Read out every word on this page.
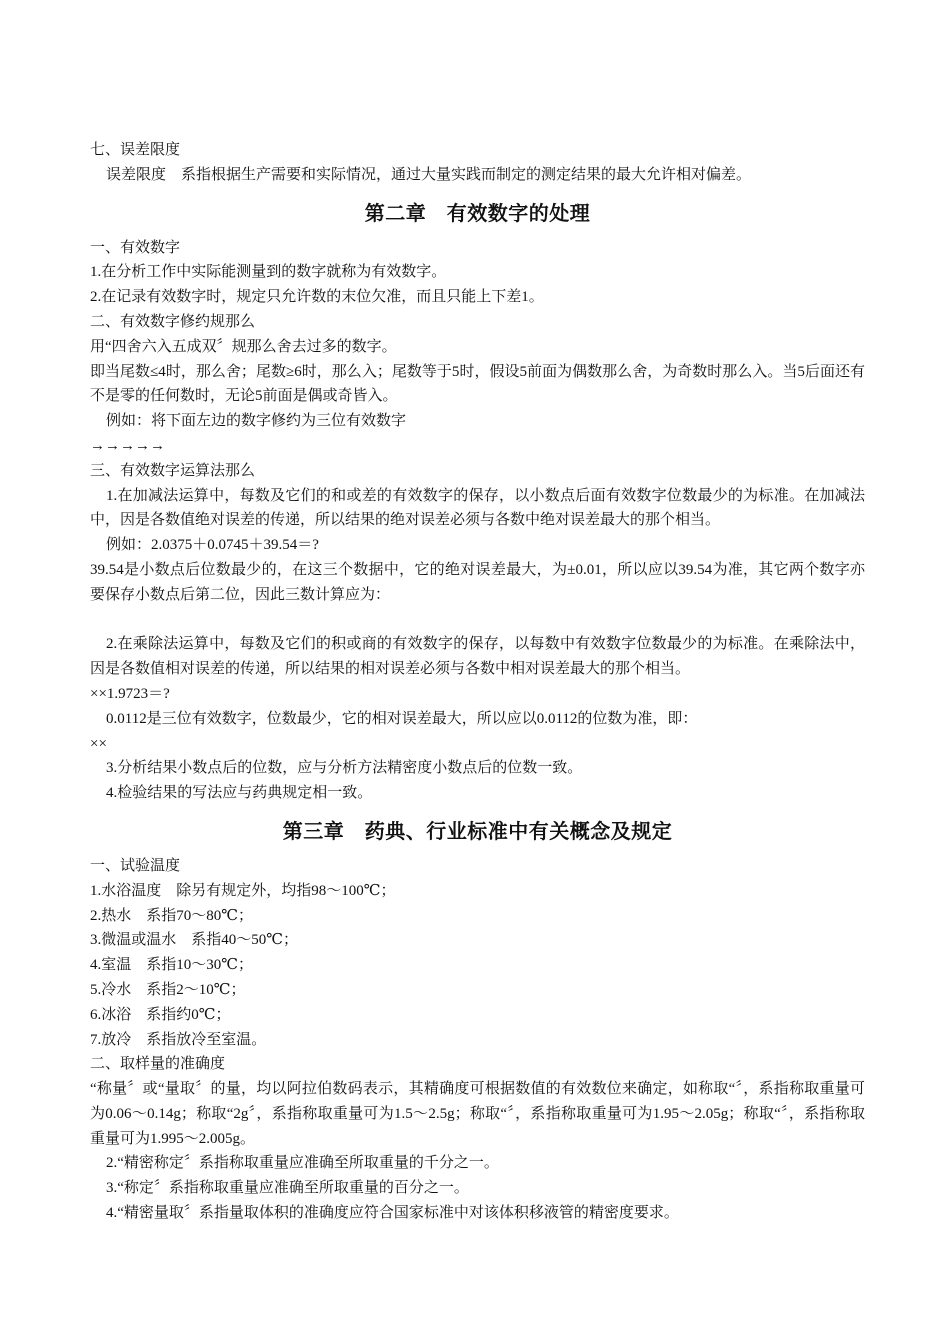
七、误差限度
误差限度　系指根据生产需要和实际情况，通过大量实践而制定的测定结果的最大允许相对偏差。
第二章　有效数字的处理
一、有效数字
1.在分析工作中实际能测量到的数字就称为有效数字。
2.在记录有效数字时，规定只允许数的末位欠准，而且只能上下差1。
二、有效数字修约规那么
用“四舍六入五成双〞规那么舍去过多的数字。
即当尾数≤4时，那么舍；尾数≥6时，那么入；尾数等于5时，假设5前面为偶数那么舍，为奇数时那么入。当5后面还有不是零的任何数时，无论5前面是偶或奇皆入。
例如：将下面左边的数字修约为三位有效数字
→→→→→
三、有效数字运算法那么
1.在加减法运算中，每数及它们的和或差的有效数字的保存，以小数点后面有效数字位数最少的为标准。在加减法中，因是各数值绝对误差的传递，所以结果的绝对误差必须与各数中绝对误差最大的那个相当。
例如：2.0375＋0.0745＋39.54＝?
39.54是小数点后位数最少的，在这三个数据中，它的绝对误差最大，为±0.01，所以应以39.54为准，其它两个数字亦要保存小数点后第二位，因此三数计算应为：
2.在乘除法运算中，每数及它们的积或商的有效数字的保存，以每数中有效数字位数最少的为标准。在乘除法中，因是各数值相对误差的传递，所以结果的相对误差必须与各数中相对误差最大的那个相当。
××1.9723＝?
0.0112是三位有效数字，位数最少，它的相对误差最大，所以应以0.0112的位数为准，即：
××
3.分析结果小数点后的位数，应与分析方法精密度小数点后的位数一致。
4.检验结果的写法应与药典规定相一致。
第三章　药典、行业标准中有关概念及规定
一、试验温度
1.水浴温度　除另有规定外，均指98～100℃；
2.热水　系指70～80℃；
3.微温或温水　系指40～50℃；
4.室温　系指10～30℃；
5.冷水　系指2～10℃；
6.冰浴　系指约0℃；
7.放冷　系指放冷至室温。
二、取样量的准确度
“称量〞或“量取〞的量，均以阿拉伯数码表示，其精确度可根据数值的有效数位来确定，如称取“〞，系指称取重量可为0.06～0.14g；称取“2g〞，系指称取重量可为1.5～2.5g；称取“〞，系指称取重量可为1.95～2.05g；称取“〞，系指称取重量可为1.995～2.005g。
2.“精密称定〞系指称取重量应准确至所取重量的千分之一。
3.“称定〞系指称取重量应准确至所取重量的百分之一。
4.“精密量取〞系指量取体积的准确度应符合国家标准中对该体积移液管的精密度要求。
